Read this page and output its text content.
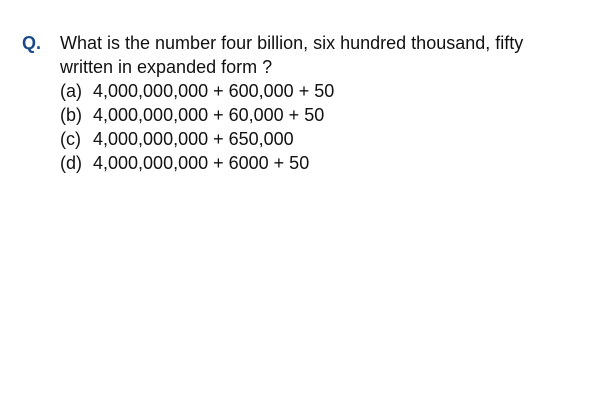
Q. What is the number four billion, six hundred thousand, fifty written in expanded form ?
(a) 4,000,000,000 + 600,000 + 50
(b) 4,000,000,000 + 60,000 + 50
(c) 4,000,000,000 + 650,000
(d) 4,000,000,000 + 6000 + 50
